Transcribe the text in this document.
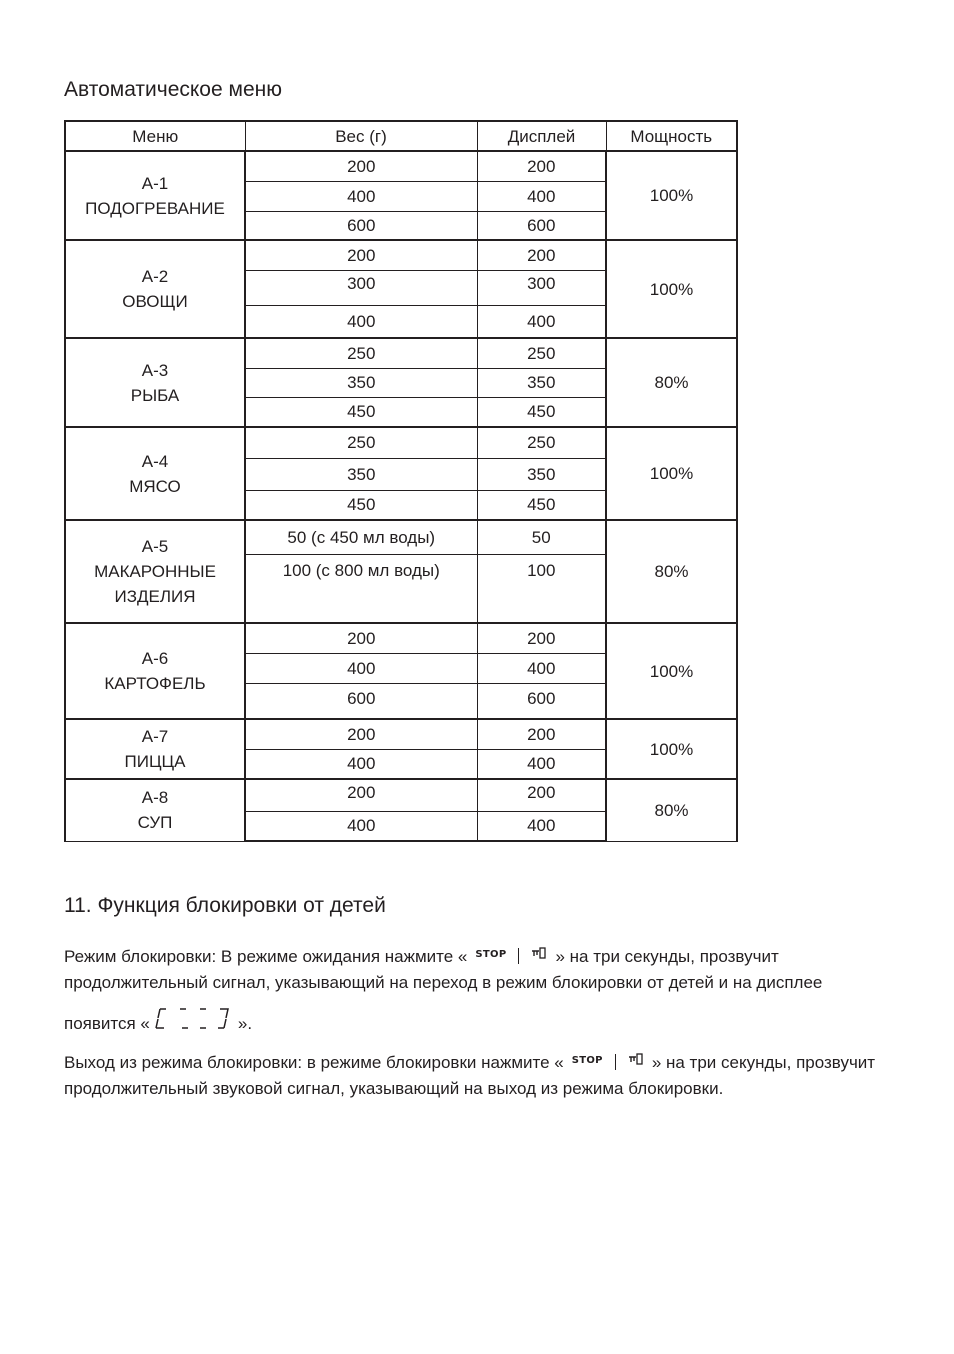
Автоматическое меню
Меню	Вес (г)	Дисплей	Мощность

А-1
ПОДОГРЕВАНИЕ	200	200	100%
	400	400	
	600	600	

А-2
ОВОЩИ	200	200	100%
	300	300	
	400	400	

А-3
РЫБА	250	250	80%
	350	350	
	450	450	

А-4
МЯСО	250	250	100%
	350	350	
	450	450	

А-5
МАКАРОННЫЕ
ИЗДЕЛИЯ	50 (с 450 мл воды)	50	80%
	100 (с 800 мл воды)	100	

А-6
КАРТОФЕЛЬ	200	200	100%
	400	400	
	600	600	

А-7
ПИЦЦА	200	200	100%
	400	400	

А-8
СУП	200	200	80%
	400	400	
11. Функция блокировки от детей

Режим блокировки: В режиме ожидания нажмите « STOP	» на три секунды, прозвучит продолжительный сигнал, указывающий на переход в режим блокировки от детей и на дисплее

появится «	».

Выход из режима блокировки: в режиме блокировки нажмите « STOP	» на три секунды, прозвучит продолжительный звуковой сигнал, указывающий на выход из режима блокировки.
